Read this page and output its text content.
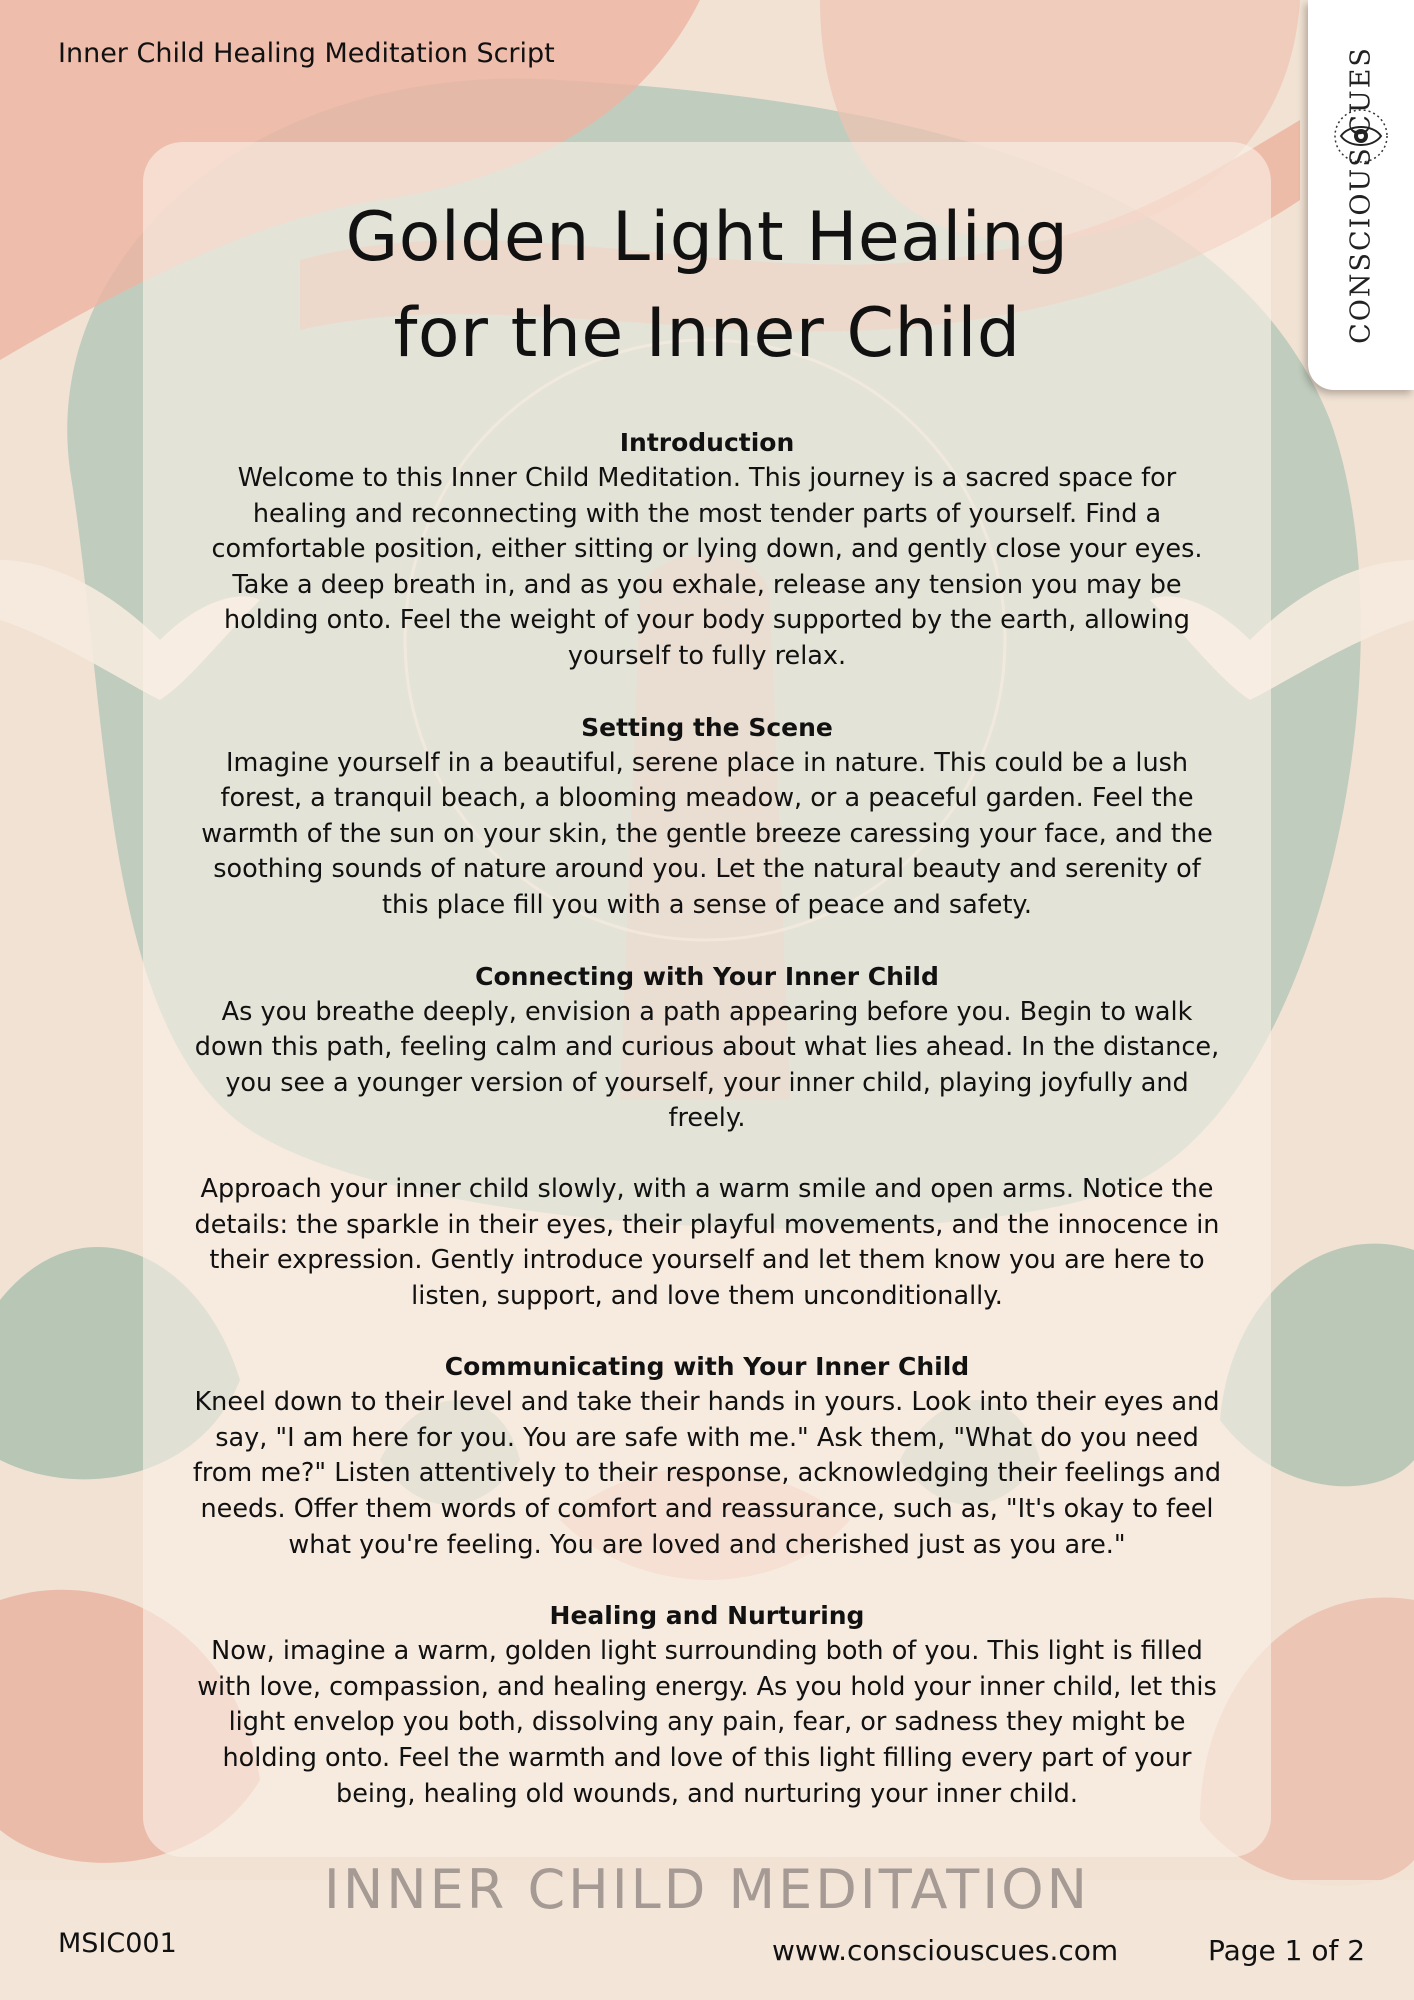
Inner Child Healing Meditation Script	CONSCIOUS CUES
Golden Light Healing
for the Inner Child

Introduction

Welcome to this Inner Child Meditation. This journey is a sacred space for healing and reconnecting with the most tender parts of yourself. Find a comfortable position, either sitting or lying down, and gently close your eyes. Take a deep breath in, and as you exhale, release any tension you may be holding onto. Feel the weight of your body supported by the earth, allowing yourself to fully relax.

Setting the Scene

Imagine yourself in a beautiful, serene place in nature. This could be a lush forest, a tranquil beach, a blooming meadow, or a peaceful garden. Feel the warmth of the sun on your skin, the gentle breeze caressing your face, and the soothing sounds of nature around you. Let the natural beauty and serenity of this place fill you with a sense of peace and safety.

Connecting with Your Inner Child

As you breathe deeply, envision a path appearing before you. Begin to walk down this path, feeling calm and curious about what lies ahead. In the distance, you see a younger version of yourself, your inner child, playing joyfully and freely.

Approach your inner child slowly, with a warm smile and open arms. Notice the details: the sparkle in their eyes, their playful movements, and the innocence in their expression. Gently introduce yourself and let them know you are here to listen, support, and love them unconditionally.

Communicating with Your Inner Child

Kneel down to their level and take their hands in yours. Look into their eyes and say, "I am here for you. You are safe with me." Ask them, "What do you need from me?" Listen attentively to their response, acknowledging their feelings and needs. Offer them words of comfort and reassurance, such as, "It's okay to feel what you're feeling. You are loved and cherished just as you are."

Healing and Nurturing

Now, imagine a warm, golden light surrounding both of you. This light is filled with love, compassion, and healing energy. As you hold your inner child, let this light envelop you both, dissolving any pain, fear, or sadness they might be holding onto. Feel the warmth and love of this light filling every part of your being, healing old wounds, and nurturing your inner child.

INNER CHILD MEDITATION
MSIC001	www.consciouscues.com	Page 1 of 2
